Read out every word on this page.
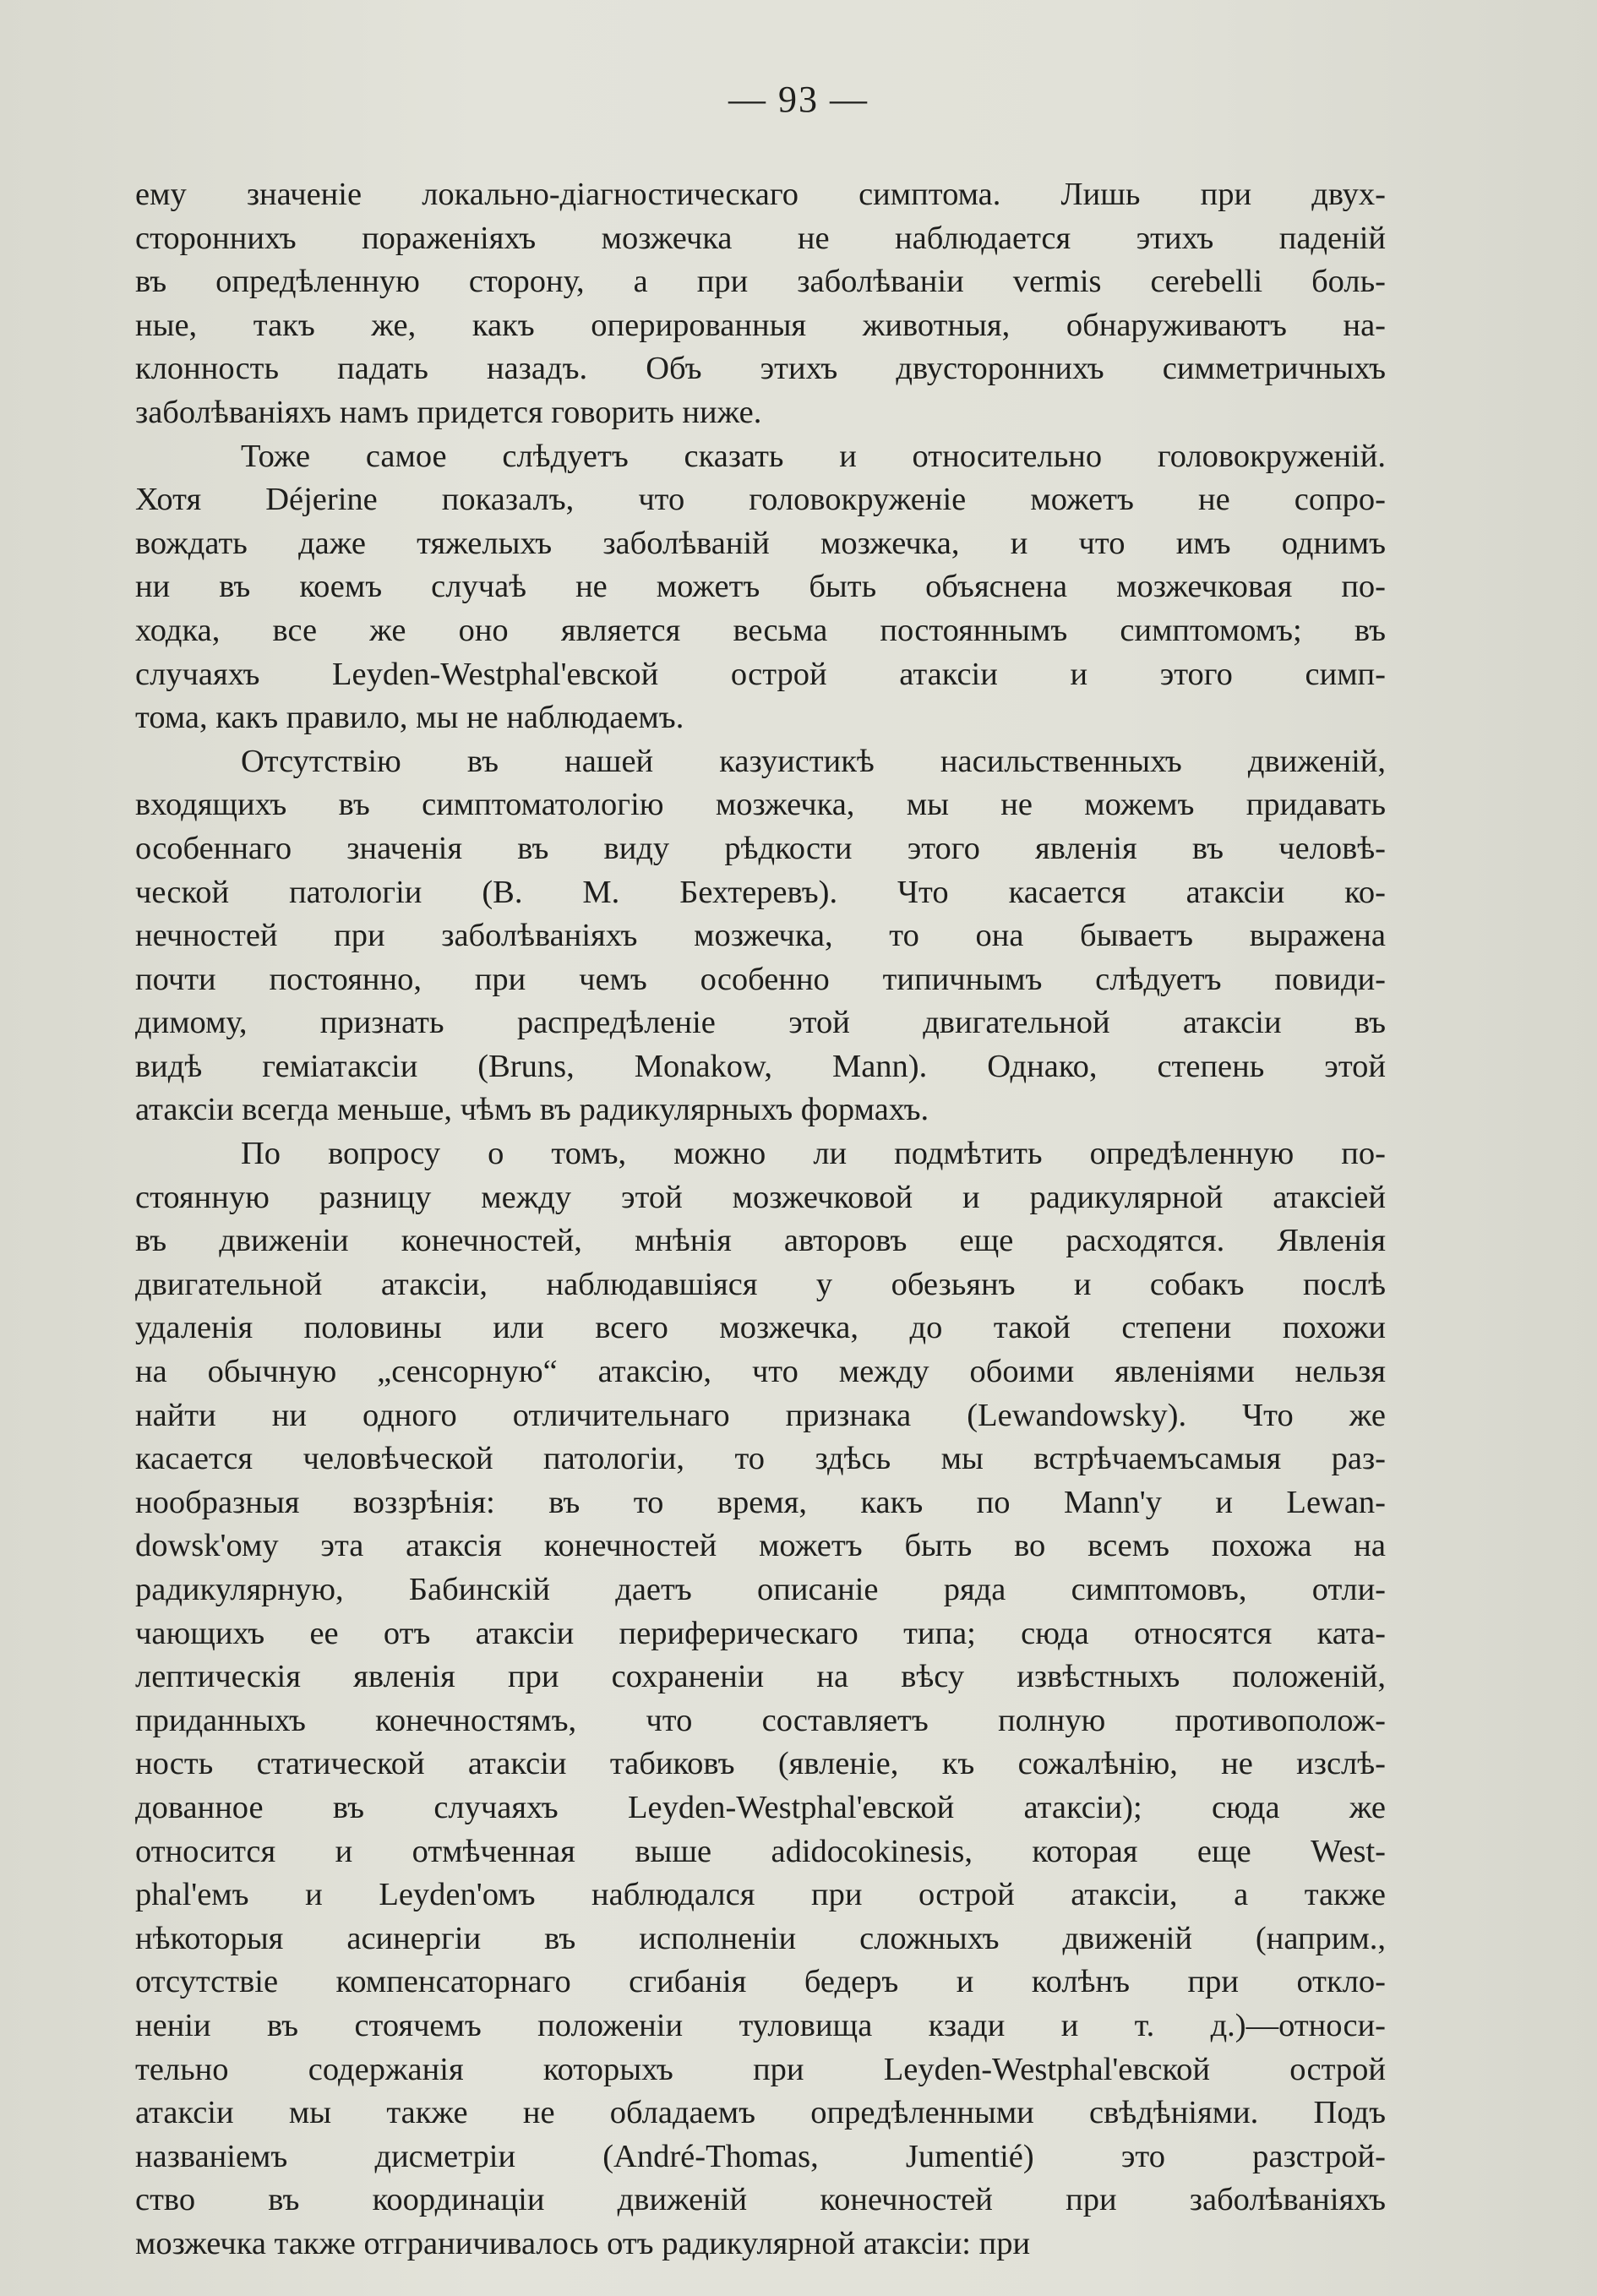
— 93 —
ему значеніе локально-діагностическаго симптома. Лишь при двух-
стороннихъ пораженіяхъ мозжечка не наблюдается этихъ паденій
въ опредѣленную сторону, а при заболѣваніи vermis cerebelli боль-
ные, такъ же, какъ оперированныя животныя, обнаруживаютъ на-
клонность падать назадъ. Объ этихъ двустороннихъ симметричныхъ
заболѣваніяхъ намъ придется говорить ниже.
Тоже самое слѣдуетъ сказать и относительно головокруженій.
Хотя Déjerine показалъ, что головокруженіе можетъ не сопро-
вождать даже тяжелыхъ заболѣваній мозжечка, и что имъ однимъ
ни въ коемъ случаѣ не можетъ быть объяснена мозжечковая по-
ходка, все же оно является весьма постояннымъ симптомомъ; въ
случаяхъ Leyden-Westphal'евской острой атаксіи и этого симп-
тома, какъ правило, мы не наблюдаемъ.
Отсутствію въ нашей казуистикѣ насильственныхъ движеній,
входящихъ въ симптоматологію мозжечка, мы не можемъ придавать
особеннаго значенія въ виду рѣдкости этого явленія въ человѣ-
ческой патологіи (В. М. Бехтеревъ). Что касается атаксіи ко-
нечностей при заболѣваніяхъ мозжечка, то она бываетъ выражена
почти постоянно, при чемъ особенно типичнымъ слѣдуетъ повиди-
димому, признать распредѣленіе этой двигательной атаксіи въ
видѣ геміатаксіи (Bruns, Monakow, Mann). Однако, степень этой
атаксіи всегда меньше, чѣмъ въ радикулярныхъ формахъ.
По вопросу о томъ, можно ли подмѣтить опредѣленную по-
стоянную разницу между этой мозжечковой и радикулярной атаксіей
въ движеніи конечностей, мнѣнія авторовъ еще расходятся. Явленія
двигательной атаксіи, наблюдавшіяся у обезьянъ и собакъ послѣ
удаленія половины или всего мозжечка, до такой степени похожи
на обычную „сенсорную“ атаксію, что между обоими явленіями нельзя
найти ни одного отличительнаго признака (Lewandowsky). Что же
касается человѣческой патологіи, то здѣсь мы встрѣчаемъсамыя раз-
нообразныя воззрѣнія: въ то время, какъ по Mann'у и Lewan-
dowsk'ому эта атаксія конечностей можетъ быть во всемъ похожа на
радикулярную, Бабинскій даетъ описаніе ряда симптомовъ, отли-
чающихъ ее отъ атаксіи периферическаго типа; сюда относятся ката-
лептическія явленія при сохраненіи на вѣсу извѣстныхъ положеній,
приданныхъ конечностямъ, что составляетъ полную противополож-
ность статической атаксіи табиковъ (явленіе, къ сожалѣнію, не изслѣ-
дованное въ случаяхъ Leyden-Westphal'евской атаксіи); сюда же
относится и отмѣченная выше adidocokinesis, которая еще West-
phal'емъ и Leyden'омъ наблюдался при острой атаксіи, а также
нѣкоторыя асинергіи въ исполненіи сложныхъ движеній (наприм.,
отсутствіе компенсаторнаго сгибанія бедеръ и колѣнъ при откло-
неніи въ стоячемъ положеніи туловища кзади и т. д.)—относи-
тельно содержанія которыхъ при Leyden-Westphal'евской острой
атаксіи мы также не обладаемъ опредѣленными свѣдѣніями. Подъ
названіемъ дисметріи (André-Thomas, Jumentié) это разстрой-
ство въ координаціи движеній конечностей при заболѣваніяхъ
мозжечка также отграничивалось отъ радикулярной атаксіи: при
